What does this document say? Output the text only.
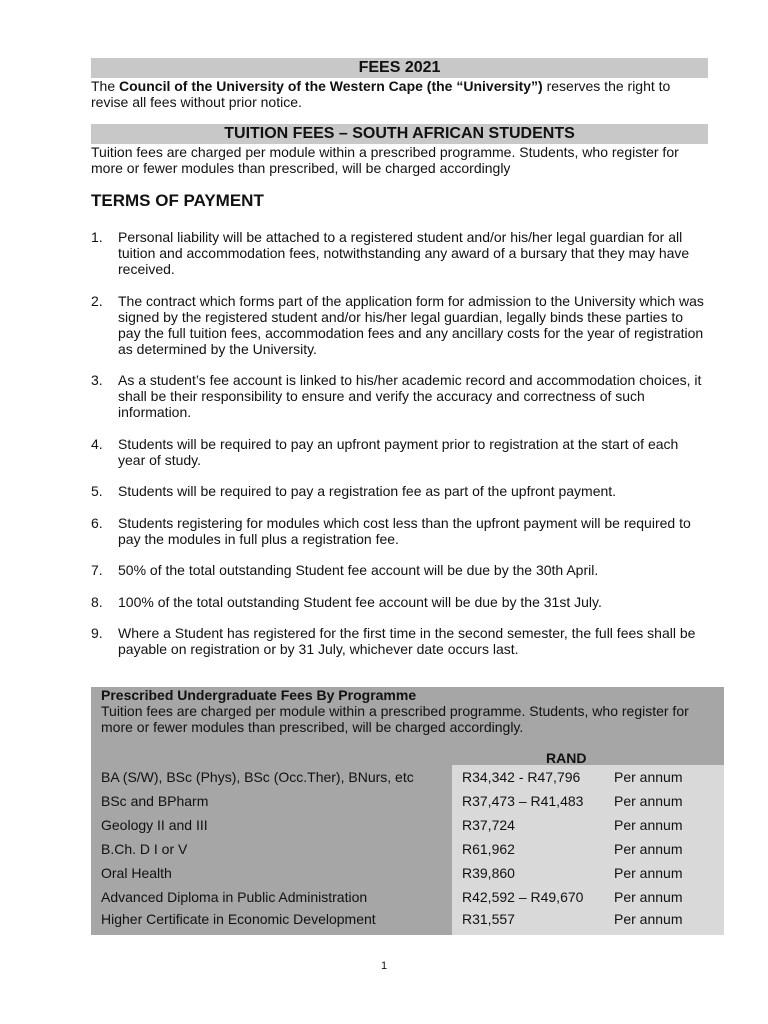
FEES 2021

The Council of the University of the Western Cape (the “University”) reserves the right to revise all fees without prior notice.

TUITION FEES – SOUTH AFRICAN STUDENTS

Tuition fees are charged per module within a prescribed programme. Students, who register for more or fewer modules than prescribed, will be charged accordingly

TERMS OF PAYMENT
1.	Personal liability will be attached to a registered student and/or his/her legal guardian for all tuition and accommodation fees, notwithstanding any award of a bursary that they may have received.
2.	The contract which forms part of the application form for admission to the University which was signed by the registered student and/or his/her legal guardian, legally binds these parties to pay the full tuition fees, accommodation fees and any ancillary costs for the year of registration as determined by the University.
3.	As a student’s fee account is linked to his/her academic record and accommodation choices, it shall be their responsibility to ensure and verify the accuracy and correctness of such information.
4.	Students will be required to pay an upfront payment prior to registration at the start of each year of study.
5.	Students will be required to pay a registration fee as part of the upfront payment.
6.	Students registering for modules which cost less than the upfront payment will be required to pay the modules in full plus a registration fee.
7.	50% of the total outstanding Student fee account will be due by the 30th April.
8.	100% of the total outstanding Student fee account will be due by the 31st July.
9.	Where a Student has registered for the first time in the second semester, the full fees shall be payable on registration or by 31 July, whichever date occurs last.
Prescribed Undergraduate Fees By Programme
Tuition fees are charged per module within a prescribed programme. Students, who register for more or fewer modules than prescribed, will be charged accordingly.
RAND
BA (S/W), BSc (Phys), BSc (Occ.Ther), BNurs, etc	R34,342 - R47,796	Per annum
BSc and BPharm	R37,473 – R41,483	Per annum
Geology II and III	R37,724	Per annum
B.Ch. D I or V	R61,962	Per annum
Oral Health	R39,860	Per annum
Advanced Diploma in Public Administration	R42,592 – R49,670	Per annum
Higher Certificate in Economic Development	R31,557	Per annum
1
